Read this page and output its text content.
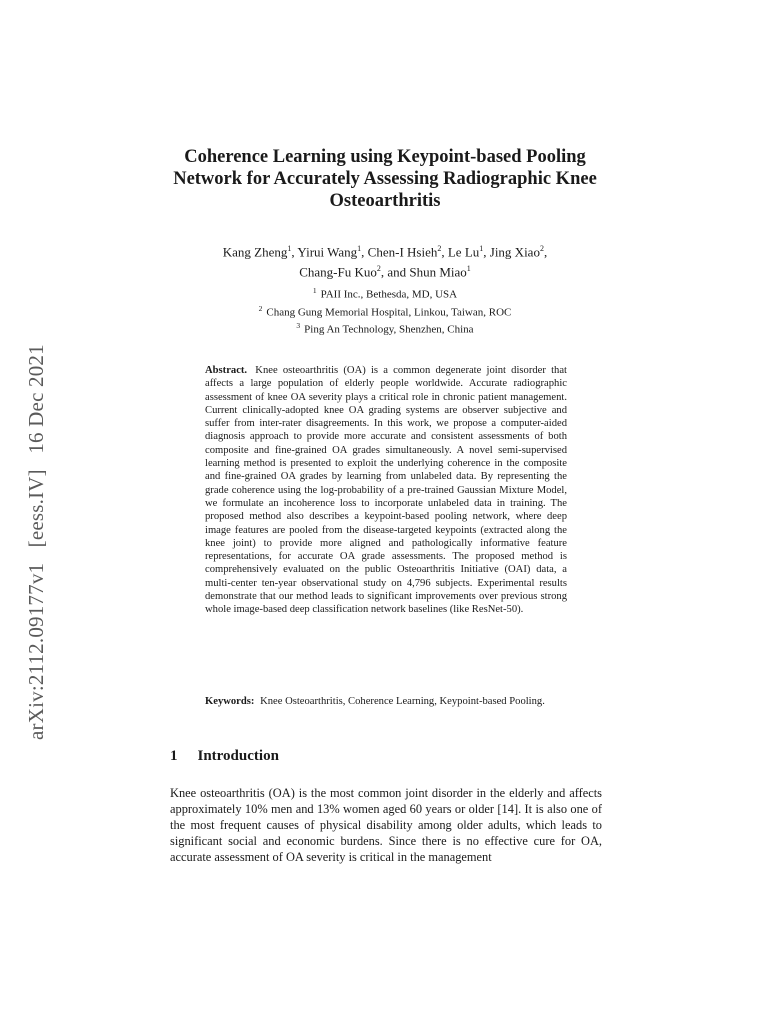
arXiv:2112.09177v1 [eess.IV] 16 Dec 2021
Coherence Learning using Keypoint-based Pooling Network for Accurately Assessing Radiographic Knee Osteoarthritis
Kang Zheng$^1$, Yirui Wang$^1$, Chen-I Hsieh$^2$, Le Lu$^1$, Jing Xiao$^2$,
Chang-Fu Kuo$^2$, and Shun Miao$^1$
$^1$ PAII Inc., Bethesda, MD, USA
$^2$ Chang Gung Memorial Hospital, Linkou, Taiwan, ROC
$^3$ Ping An Technology, Shenzhen, China
Abstract. Knee osteoarthritis (OA) is a common degenerate joint disorder that affects a large population of elderly people worldwide. Accurate radiographic assessment of knee OA severity plays a critical role in chronic patient management. Current clinically-adopted knee OA grading systems are observer subjective and suffer from inter-rater disagreements. In this work, we propose a computer-aided diagnosis approach to provide more accurate and consistent assessments of both composite and fine-grained OA grades simultaneously. A novel semi-supervised learning method is presented to exploit the underlying coherence in the composite and fine-grained OA grades by learning from unlabeled data. By representing the grade coherence using the log-probability of a pre-trained Gaussian Mixture Model, we formulate an incoherence loss to incorporate unlabeled data in training. The proposed method also describes a keypoint-based pooling network, where deep image features are pooled from the disease-targeted keypoints (extracted along the knee joint) to provide more aligned and pathologically informative feature representations, for accurate OA grade assessments. The proposed method is comprehensively evaluated on the public Osteoarthritis Initiative (OAI) data, a multi-center ten-year observational study on 4,796 subjects. Experimental results demonstrate that our method leads to significant improvements over previous strong whole image-based deep classification network baselines (like ResNet-50).
Keywords: Knee Osteoarthritis, Coherence Learning, Keypoint-based Pooling.
1 Introduction
Knee osteoarthritis (OA) is the most common joint disorder in the elderly and affects approximately 10% men and 13% women aged 60 years or older [14]. It is also one of the most frequent causes of physical disability among older adults, which leads to significant social and economic burdens. Since there is no effective cure for OA, accurate assessment of OA severity is critical in the management
